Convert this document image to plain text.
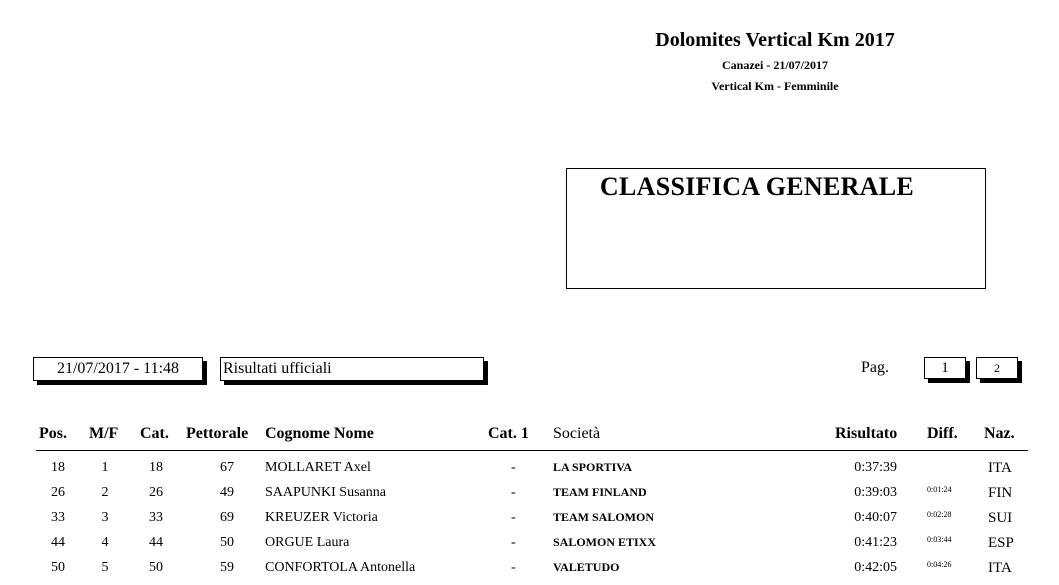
Dolomites Vertical Km 2017
Canazei - 21/07/2017
Vertical Km - Femminile
CLASSIFICA GENERALE
21/07/2017 - 11:48	Risultati ufficiali	Pag.	1	2
Pos. M/F Cat. Pettorale Cognome Nome	Cat. 1 Società	Risultato Diff. Naz.
18	1	18	67 MOLLARET Axel	-	LA SPORTIVA	0:37:39	ITA
26	2	26	49 SAAPUNKI Susanna	-	TEAM FINLAND	0:39:03	0:01:24 FIN
33	3	33	69 KREUZER Victoria	-	TEAM SALOMON	0:40:07	0:02:28 SUI
44	4	44	50 ORGUE Laura	-	SALOMON ETIXX	0:41:23	0:03:44 ESP
50	5	50	59 CONFORTOLA Antonella	-	VALETUDO	0:42:05	0:04:26 ITA
